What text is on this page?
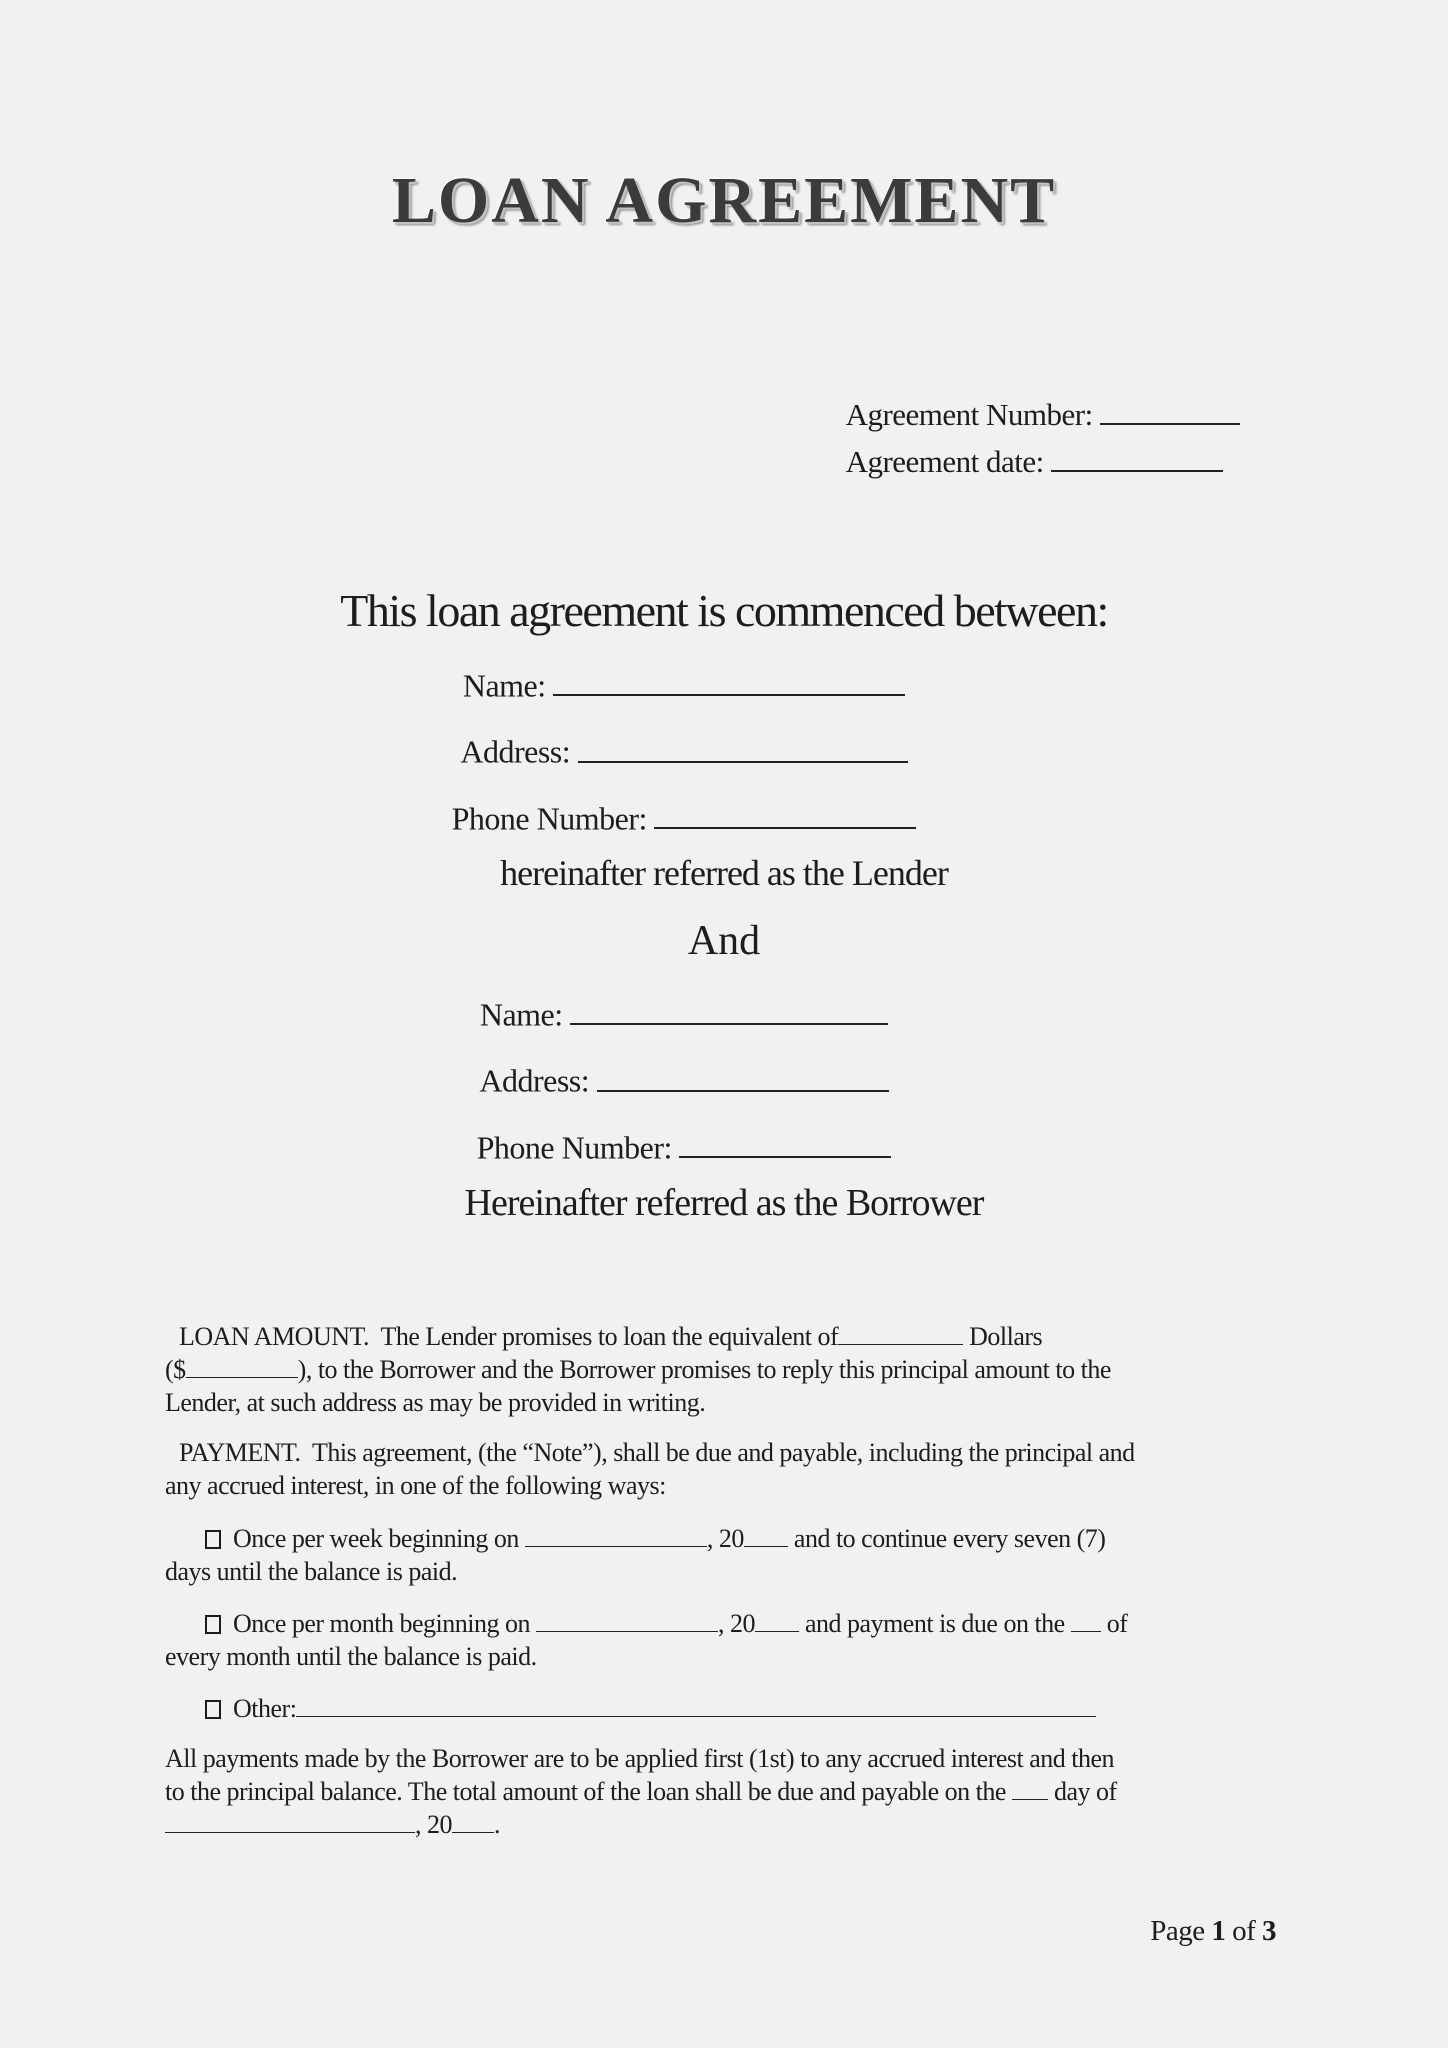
LOAN AGREEMENT
Agreement Number:
Agreement date:
This loan agreement is commenced between:
Name:
Address:
Phone Number:
hereinafter referred as the Lender
And
Name:
Address:
Phone Number:
Hereinafter referred as the Borrower

LOAN AMOUNT.  The Lender promises to loan the equivalent of	Dollars
($	), to the Borrower and the Borrower promises to reply this principal amount to the
Lender, at such address as may be provided in writing.

PAYMENT.  This agreement, (the “Note”), shall be due and payable, including the principal and
any accrued interest, in one of the following ways:

Once per week beginning on	, 20 and to continue every seven (7)
days until the balance is paid.

Once per month beginning on	, 20 and payment is due on the  of
every month until the balance is paid.

Other:

All payments made by the Borrower are to be applied first (1st) to any accrued interest and then
to the principal balance. The total amount of the loan shall be due and payable on the  day of
, 20 .

Page 1 of 3
